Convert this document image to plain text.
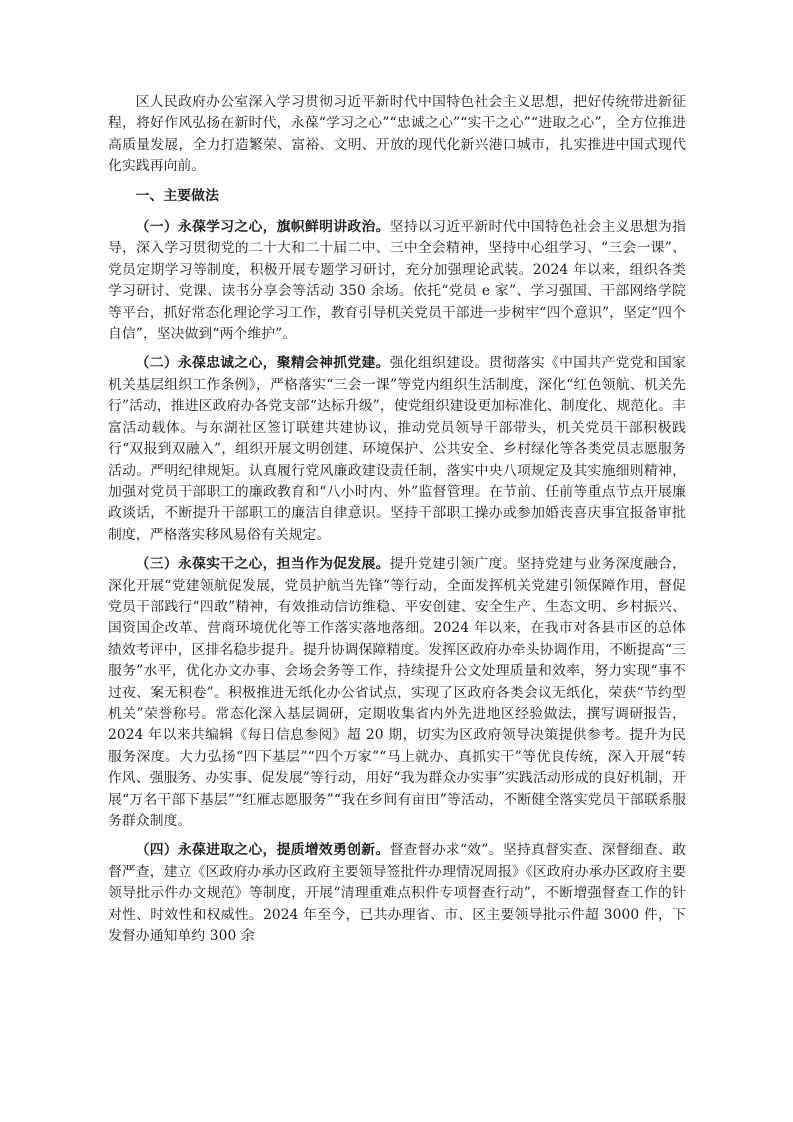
区人民政府办公室深入学习贯彻习近平新时代中国特色社会主义思想，把好传统带进新征程，将好作风弘扬在新时代，永葆“学习之心”“忠诚之心”“实干之心”“进取之心”，全方位推进高质量发展，全力打造繁荣、富裕、文明、开放的现代化新兴港口城市，扎实推进中国式现代化实践再向前。

一、主要做法

（一）永葆学习之心，旗帜鲜明讲政治。坚持以习近平新时代中国特色社会主义思想为指导，深入学习贯彻党的二十大和二十届二中、三中全会精神，坚持中心组学习、“三会一课”、党员定期学习等制度，积极开展专题学习研讨，充分加强理论武装。2024 年以来，组织各类学习研讨、党课、读书分享会等活动 350 余场。依托“党员 e 家”、学习强国、干部网络学院等平台，抓好常态化理论学习工作，教育引导机关党员干部进一步树牢“四个意识”，坚定“四个自信”，坚决做到“两个维护”。

（二）永葆忠诚之心，聚精会神抓党建。强化组织建设。贯彻落实《中国共产党党和国家机关基层组织工作条例》，严格落实“三会一课”等党内组织生活制度，深化“红色领航、机关先行”活动，推进区政府办各党支部“达标升级”，使党组织建设更加标准化、制度化、规范化。丰富活动载体。与东湖社区签订联建共建协议，推动党员领导干部带头，机关党员干部积极践行“双报到双融入”，组织开展文明创建、环境保护、公共安全、乡村绿化等各类党员志愿服务活动。严明纪律规矩。认真履行党风廉政建设责任制，落实中央八项规定及其实施细则精神，加强对党员干部职工的廉政教育和“八小时内、外”监督管理。在节前、任前等重点节点开展廉政谈话，不断提升干部职工的廉洁自律意识。坚持干部职工操办或参加婚丧喜庆事宜报备审批制度，严格落实移风易俗有关规定。

（三）永葆实干之心，担当作为促发展。提升党建引领广度。坚持党建与业务深度融合，深化开展“党建领航促发展，党员护航当先锋”等行动，全面发挥机关党建引领保障作用，督促党员干部践行“四敢”精神，有效推动信访维稳、平安创建、安全生产、生态文明、乡村振兴、国资国企改革、营商环境优化等工作落实落地落细。2024 年以来，在我市对各县市区的总体绩效考评中，区排名稳步提升。提升协调保障精度。发挥区政府办牵头协调作用，不断提高“三服务”水平，优化办文办事、会场会务等工作，持续提升公文处理质量和效率，努力实现“事不过夜、案无积卷”。积极推进无纸化办公省试点，实现了区政府各类会议无纸化，荣获“节约型机关”荣誉称号。常态化深入基层调研，定期收集省内外先进地区经验做法，撰写调研报告，2024 年以来共编辑《每日信息参阅》超 20 期，切实为区政府领导决策提供参考。提升为民服务深度。大力弘扬“四下基层”“四个万家”“马上就办、真抓实干”等优良传统，深入开展“转作风、强服务、办实事、促发展”等行动，用好“我为群众办实事”实践活动形成的良好机制，开展“万名干部下基层”“红雁志愿服务”“我在乡间有亩田”等活动，不断健全落实党员干部联系服务群众制度。

（四）永葆进取之心，提质增效勇创新。督查督办求“效”。坚持真督实查、深督细查、敢督严查，建立《区政府办承办区政府主要领导签批件办理情况周报》《区政府办承办区政府主要领导批示件办文规范》等制度，开展“清理重难点积件专项督查行动”，不断增强督查工作的针对性、时效性和权威性。2024 年至今，已共办理省、市、区主要领导批示件超 3000 件，下发督办通知单约 300 余
